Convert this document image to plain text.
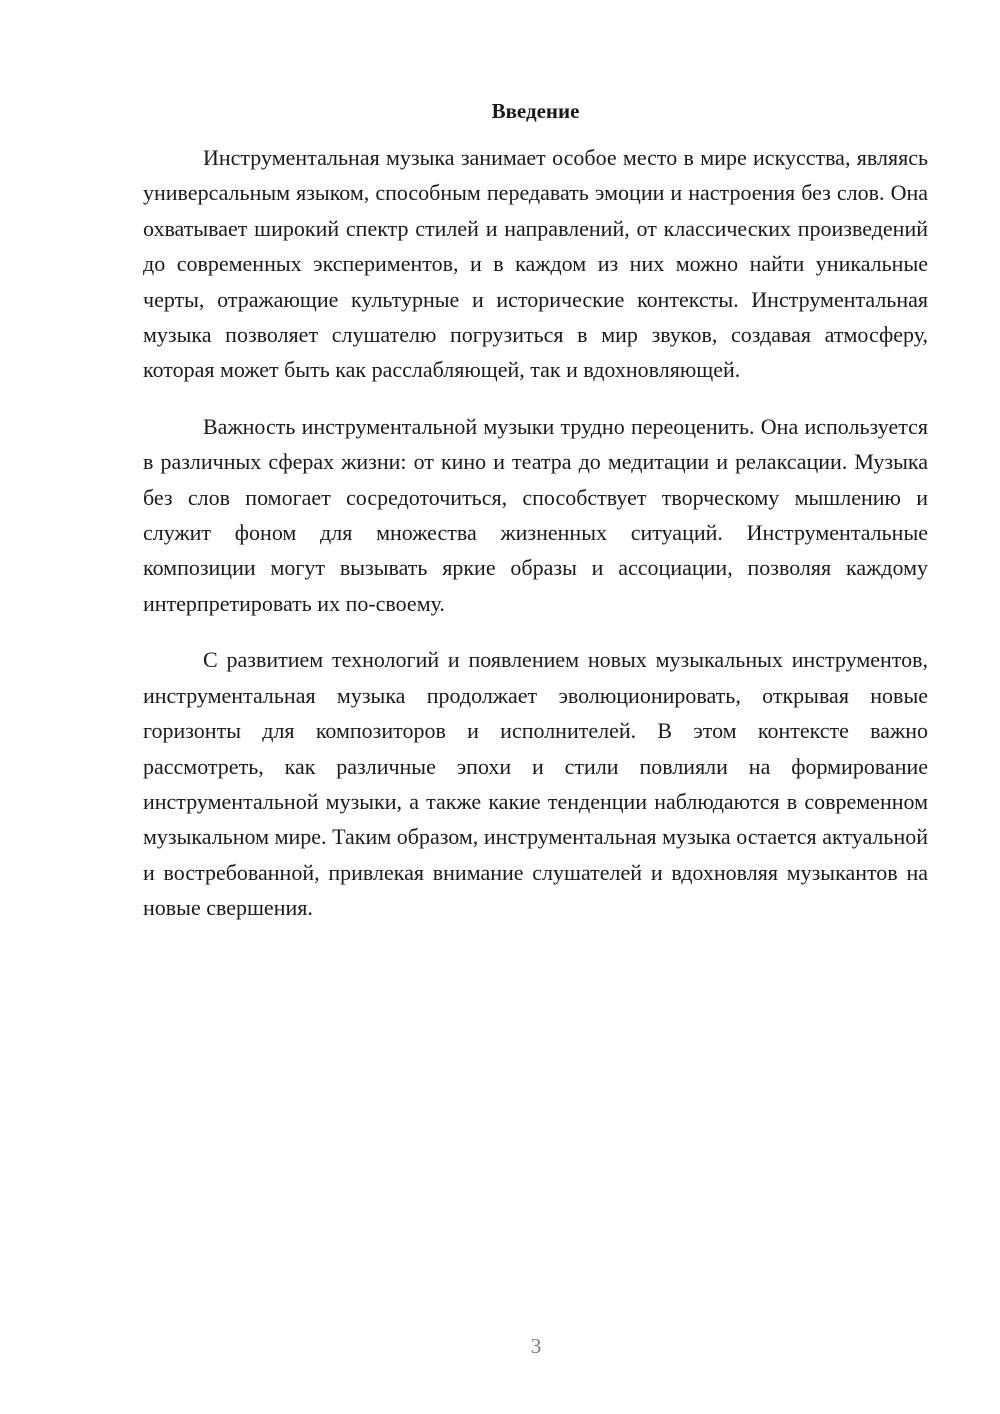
Введение

Инструментальная музыка занимает особое место в мире искусства, являясь универсальным языком, способным передавать эмоции и настроения без слов. Она охватывает широкий спектр стилей и направлений, от классических произведений до современных экспериментов, и в каждом из них можно найти уникальные черты, отражающие культурные и исторические контексты. Инструментальная музыка позволяет слушателю погрузиться в мир звуков, создавая атмосферу, которая может быть как расслабляющей, так и вдохновляющей.

Важность инструментальной музыки трудно переоценить. Она используется в различных сферах жизни: от кино и театра до медитации и релаксации. Музыка без слов помогает сосредоточиться, способствует творческому мышлению и служит фоном для множества жизненных ситуаций. Инструментальные композиции могут вызывать яркие образы и ассоциации, позволяя каждому интерпретировать их по-своему.

С развитием технологий и появлением новых музыкальных инструментов, инструментальная музыка продолжает эволюционировать, открывая новые горизонты для композиторов и исполнителей. В этом контексте важно рассмотреть, как различные эпохи и стили повлияли на формирование инструментальной музыки, а также какие тенденции наблюдаются в современном музыкальном мире. Таким образом, инструментальная музыка остается актуальной и востребованной, привлекая внимание слушателей и вдохновляя музыкантов на новые свершения.

3
